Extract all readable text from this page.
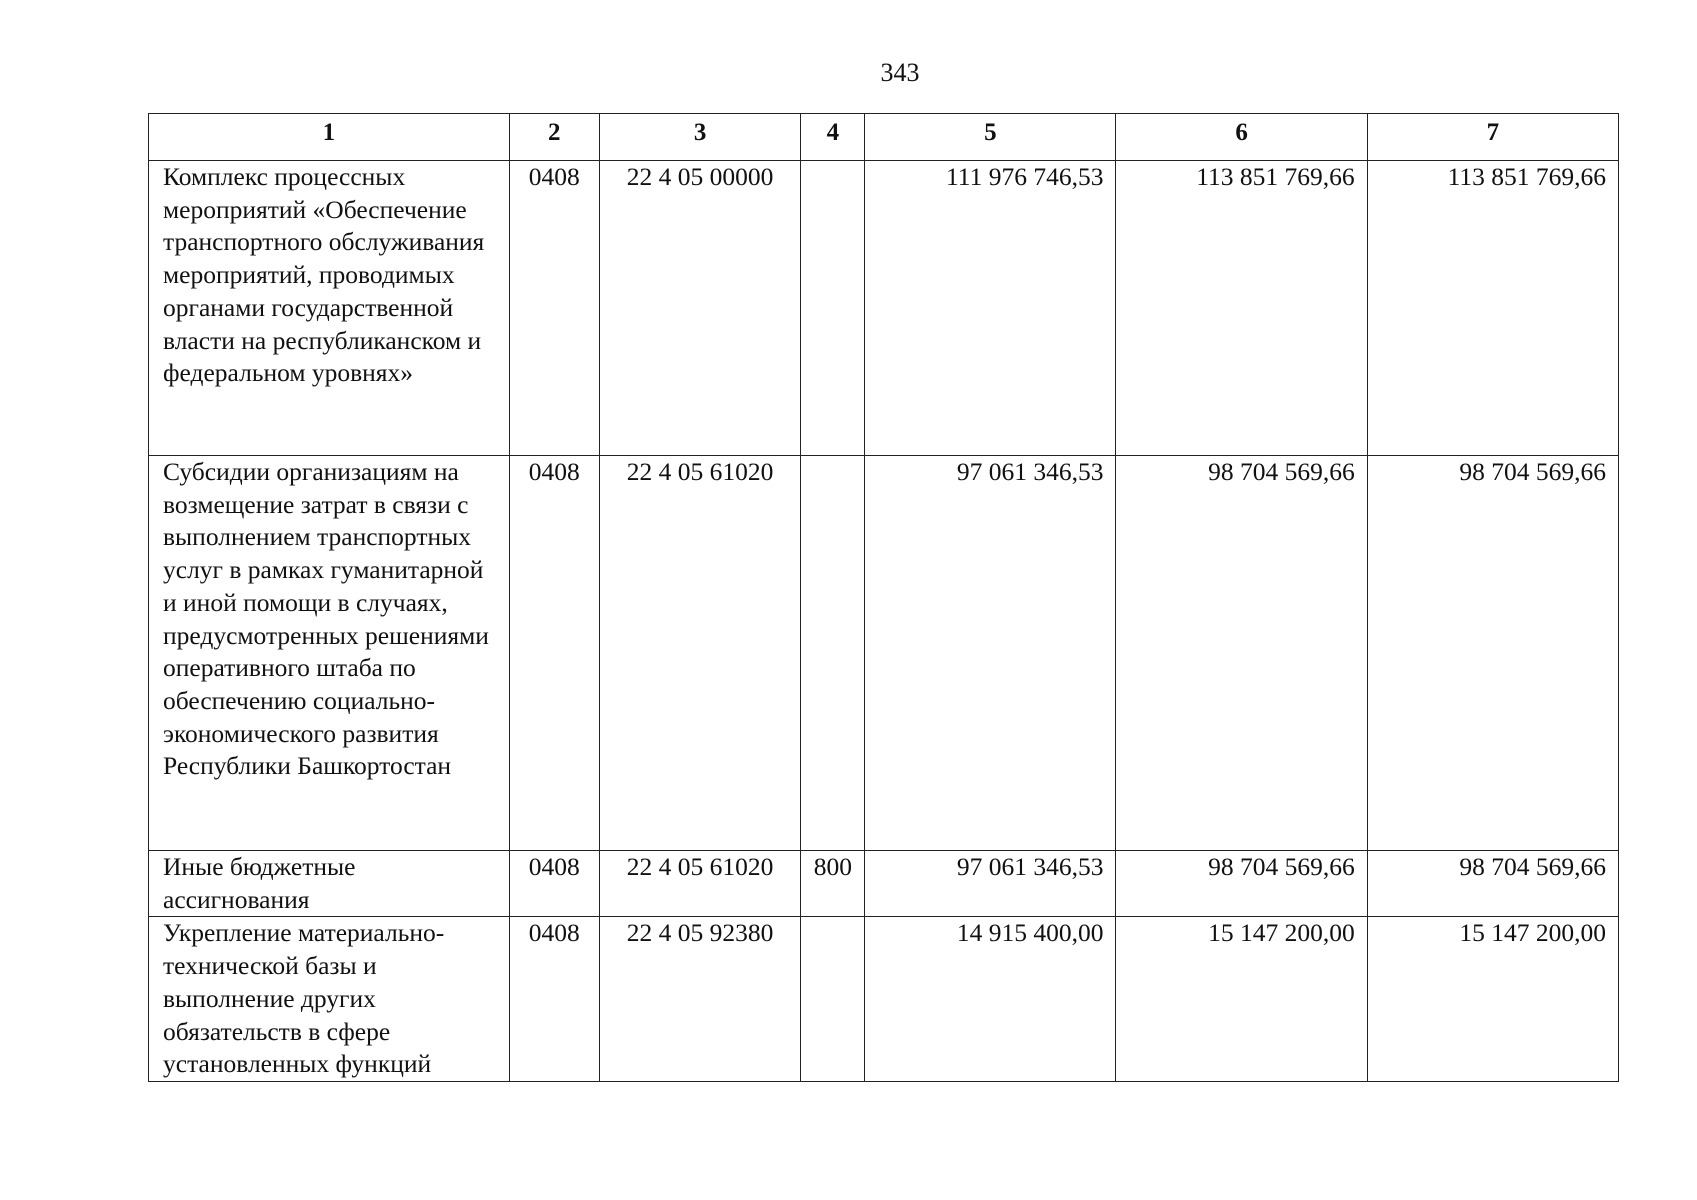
343
1	2	3	4	5	6	7
Комплекс процессных мероприятий «Обеспечение транспортного обслуживания мероприятий, проводимых органами государственной власти на республиканском и федеральном уровнях»	0408	22 4 05 00000		111 976 746,53	113 851 769,66	113 851 769,66
Субсидии организациям на возмещение затрат в связи с выполнением транспортных услуг в рамках гуманитарной и иной помощи в случаях, предусмотренных решениями оперативного штаба по обеспечению социально-экономического развития Республики Башкортостан	0408	22 4 05 61020		97 061 346,53	98 704 569,66	98 704 569,66
Иные бюджетные ассигнования	0408	22 4 05 61020	800	97 061 346,53	98 704 569,66	98 704 569,66
Укрепление материально-технической базы и выполнение других обязательств в сфере установленных функций	0408	22 4 05 92380		14 915 400,00	15 147 200,00	15 147 200,00
